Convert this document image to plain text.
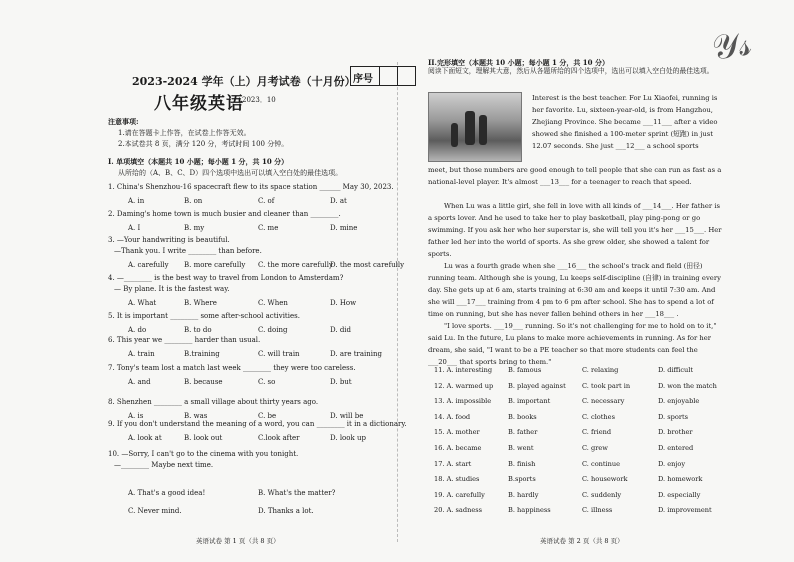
𝒴𝓈
2023-2024 学年（上）月考试卷（十月份）
八年级英语
2023．10
注意事项:
1.请在答题卡上作答，在试卷上作答无效。
2.本试卷共 8 页，满分 120 分，考试时间 100 分钟。
I. 单项填空（本题共 10 小题；每小题 1 分，共 10 分）
从所给的（A、B、C、D）四个选项中选出可以填入空白处的最佳选项。
1. China's Shenzhou-16 spacecraft flew to its space station ______ May 30, 2023.
A. in	B. on	C. of	D. at
2. Daming's home town is much busier and cleaner than ________.
A. I	B. my	C. me	D. mine
3. —Your handwriting is beautiful.
—Thank you. I write ________ than before.
A. carefully B. more carefully C. the more carefully
D. the most carefully
4. —________ is the best way to travel from London to Amsterdam?
— By plane. It is the fastest way.
A. What	B. Where	C. When	D. How
5. It is important ________ some after-school activities.
A. do	B. to do	C. doing	D. did
6. This year we ________ harder than usual.
A. train	B.training	C. will train	D. are training
7. Tony's team lost a match last week ________ they were too careless.
A. and	B. because	C. so	D. but
8. Shenzhen ________ a small village about thirty years ago.
A. is	B. was	C. be	D. will be
9. If you don't understand the meaning of a word, you can ________ it in a dictionary.
A. look at	B. look out	C.look after	D. look up
10. —Sorry, I can't go to the cinema with you tonight.
—________ Maybe next time.
A. That's a good idea!	B. What's the matter?
C. Never mind.	D. Thanks a lot.
英语试卷 第 1 页（共 8 页）
序号
II.完形填空（本题共 10 小题；每小题 1 分，共 10 分）
阅读下面短文，理解其大意，然后从各题所给的四个选项中，选出可以填入空白处的最佳选项。
Interest is the best teacher. For Lu Xiaofei, running is her favorite. Lu, sixteen-year-old, is from Hangzhou, Zhejiang Province. She became ___11___ after a video showed she finished a 100-meter sprint (短跑) in just 12.07 seconds. She just ___12___ a school sports
meet, but those numbers are good enough to tell people that she can run as fast as a national-level player. It's almost ___13___ for a teenager to reach that speed.
When Lu was a little girl, she fell in love with all kinds of ___14___. Her father is a sports lover. And he used to take her to play basketball, play ping-pong or go swimming. If you ask her who her superstar is, she will tell you it's her ___15___. Her father led her into the world of sports. As she grew older, she showed a talent for sports.
Lu was a fourth grade when she ___16___ the school's track and field (田径) running team. Although she is young, Lu keeps self-discipline (自律) in training every day. She gets up at 6 am, starts training at 6:30 am and keeps it until 7:30 am. And she will ___17___ training from 4 pm to 6 pm after school. She has to spend a lot of time on running, but she has never fallen behind others in her ___18___ .
"I love sports. ___19___ running. So it's not challenging for me to hold on to it," said Lu. In the future, Lu plans to make more achievements in running. As for her dream, she said, "I want to be a PE teacher so that more students can feel the ___20___ that sports bring to them."
11. A. interesting B. famous	C. relaxing	D. difficult
12. A. warmed up B. played against C. took part in	D. won the match
13. A. impossible	B. important	C. necessary	D. enjoyable
14. A. food	B. books	C. clothes	D. sports
15. A. mother	B. father	C. friend	D. brother
16. A. became	B. went	C. grew	D. entered
17. A. start	B. finish	C. continue	D. enjoy
18. A. studies	B.sports	C. housework	D. homework
19. A. carefully	B. hardly	C. suddenly	D. especially
20. A. sadness	B. happiness	C. illness	D. improvement
英语试卷 第 2 页（共 8 页）
